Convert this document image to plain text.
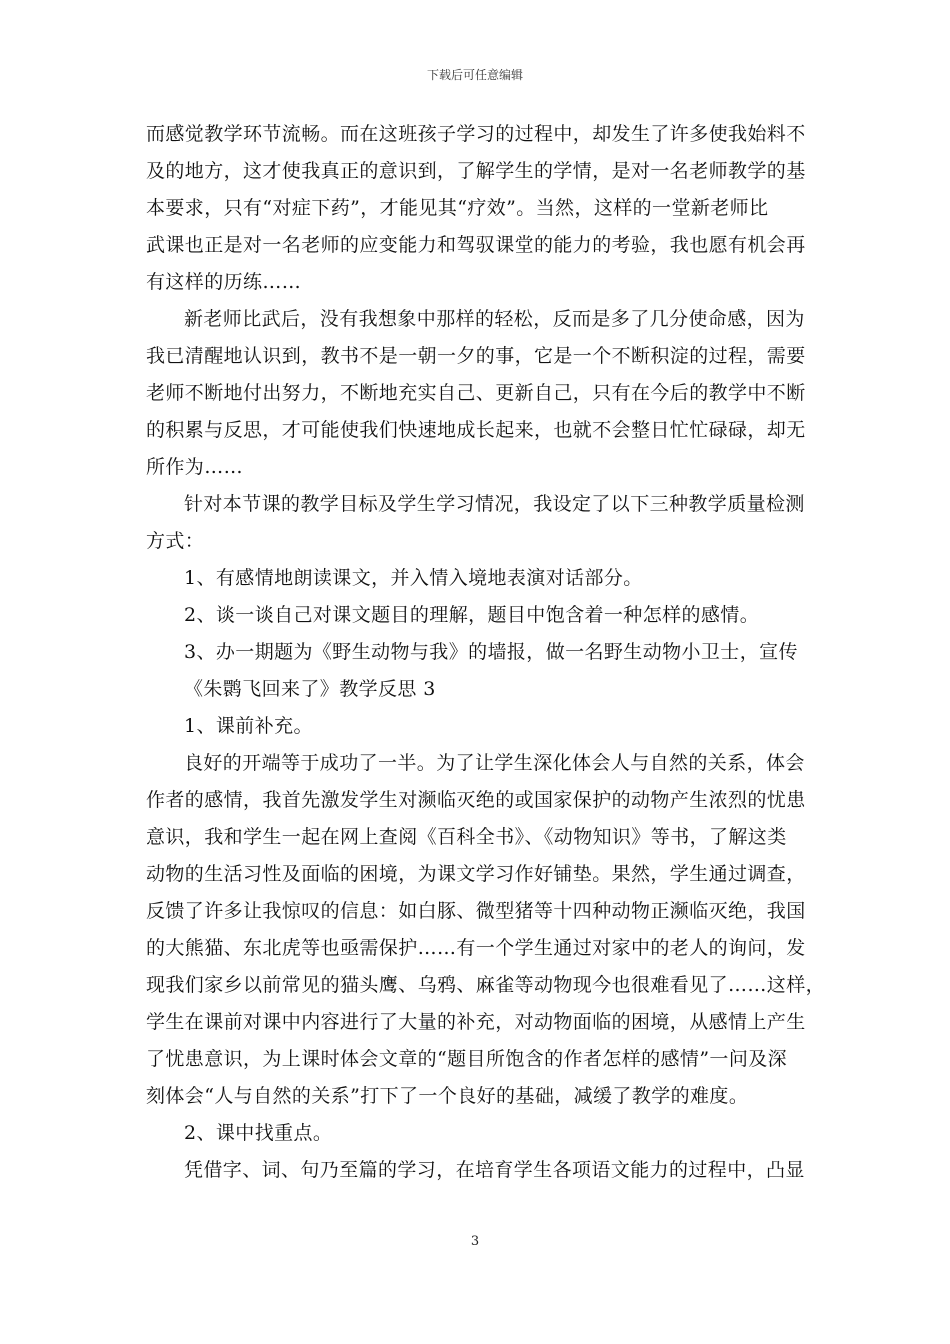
下载后可任意编辑
而感觉教学环节流畅。而在这班孩子学习的过程中，却发生了许多使我始料不
及的地方，这才使我真正的意识到，了解学生的学情，是对一名老师教学的基
本要求，只有“对症下药”，才能见其“疗效”。当然，这样的一堂新老师比
武课也正是对一名老师的应变能力和驾驭课堂的能力的考验，我也愿有机会再
有这样的历练……
新老师比武后，没有我想象中那样的轻松，反而是多了几分使命感，因为
我已清醒地认识到，教书不是一朝一夕的事，它是一个不断积淀的过程，需要
老师不断地付出努力，不断地充实自己、更新自己，只有在今后的教学中不断
的积累与反思，才可能使我们快速地成长起来，也就不会整日忙忙碌碌，却无
所作为……
针对本节课的教学目标及学生学习情况，我设定了以下三种教学质量检测
方式：
1、有感情地朗读课文，并入情入境地表演对话部分。
2、谈一谈自己对课文题目的理解，题目中饱含着一种怎样的感情。
3、办一期题为《野生动物与我》的墙报，做一名野生动物小卫士，宣传
《朱鹮飞回来了》教学反思 3
1、课前补充。
良好的开端等于成功了一半。为了让学生深化体会人与自然的关系，体会
作者的感情，我首先激发学生对濒临灭绝的或国家保护的动物产生浓烈的忧患
意识，我和学生一起在网上查阅《百科全书》、《动物知识》等书，了解这类
动物的生活习性及面临的困境，为课文学习作好铺垫。果然，学生通过调查，
反馈了许多让我惊叹的信息：如白豚、微型猪等十四种动物正濒临灭绝，我国
的大熊猫、东北虎等也亟需保护……有一个学生通过对家中的老人的询问，发
现我们家乡以前常见的猫头鹰、乌鸦、麻雀等动物现今也很难看见了……这样，
学生在课前对课中内容进行了大量的补充，对动物面临的困境，从感情上产生
了忧患意识，为上课时体会文章的“题目所饱含的作者怎样的感情”一问及深
刻体会“人与自然的关系”打下了一个良好的基础，减缓了教学的难度。
2、课中找重点。
凭借字、词、句乃至篇的学习，在培育学生各项语文能力的过程中，凸显
3
